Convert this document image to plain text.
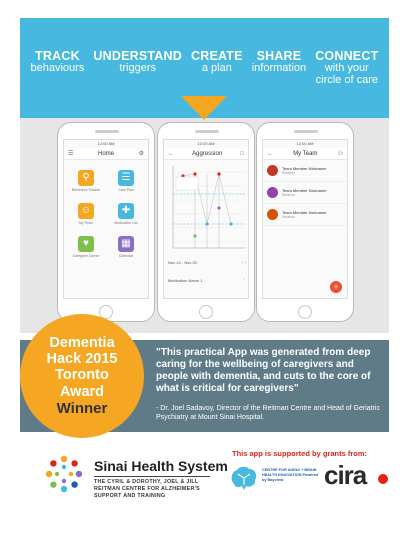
TRACK
behaviours
UNDERSTAND
triggers
CREATE
a plan
SHARE
information
CONNECT
with your
circle of care
12:00 AM
☰	Home	⚙
⚲
Behaviour Tracker
☰
Care Plan
☺
My Team
✚
Medication List
♥
Caregiver Corner
▦
Calendar
12:00 AM
←	Aggression	□
Nov 14 - Nov 20	‹ ›
Medication Name 1	⌃
12:00 AM
←	My Team	⚇
Team Member Nickname
Relation
Team Member Nickname
Relation
Team Member Nickname
Relation
+
Dementia
Hack 2015
Toronto
Award
Winner
"This practical App was generated from deep caring for the wellbeing of caregivers and people with dementia, and cuts to the core of what is critical for caregivers"
- Dr. Joel Sadavoy, Director of the Reitman Centre and Head of Geriatric Psychiatry at Mount Sinai Hospital.
Sinai Health System
THE CYRIL & DOROTHY, JOEL & JILL REITMAN CENTRE FOR ALZHEIMER'S SUPPORT AND TRAINING
This app is supported by grants from:
CENTRE FOR AGING + BRAIN HEALTH INNOVATION Powered by Baycrest	cira
